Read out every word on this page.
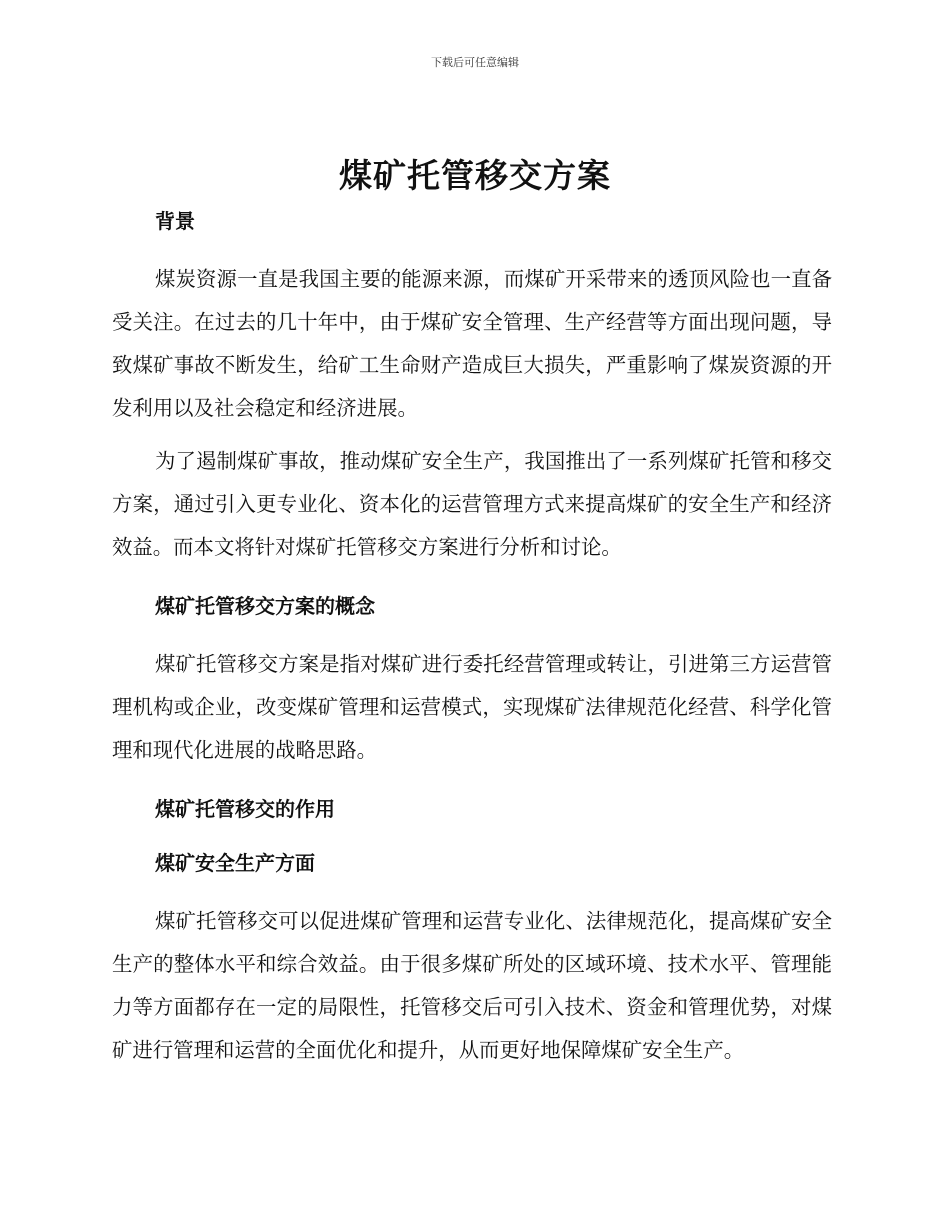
下载后可任意编辑
煤矿托管移交方案
背景

煤炭资源一直是我国主要的能源来源，而煤矿开采带来的透顶风险也一直备受关注。在过去的几十年中，由于煤矿安全管理、生产经营等方面出现问题，导致煤矿事故不断发生，给矿工生命财产造成巨大损失，严重影响了煤炭资源的开发利用以及社会稳定和经济进展。

为了遏制煤矿事故，推动煤矿安全生产，我国推出了一系列煤矿托管和移交方案，通过引入更专业化、资本化的运营管理方式来提高煤矿的安全生产和经济效益。而本文将针对煤矿托管移交方案进行分析和讨论。

煤矿托管移交方案的概念

煤矿托管移交方案是指对煤矿进行委托经营管理或转让，引进第三方运营管理机构或企业，改变煤矿管理和运营模式，实现煤矿法律规范化经营、科学化管理和现代化进展的战略思路。

煤矿托管移交的作用
煤矿安全生产方面

煤矿托管移交可以促进煤矿管理和运营专业化、法律规范化，提高煤矿安全生产的整体水平和综合效益。由于很多煤矿所处的区域环境、技术水平、管理能力等方面都存在一定的局限性，托管移交后可引入技术、资金和管理优势，对煤矿进行管理和运营的全面优化和提升，从而更好地保障煤矿安全生产。
